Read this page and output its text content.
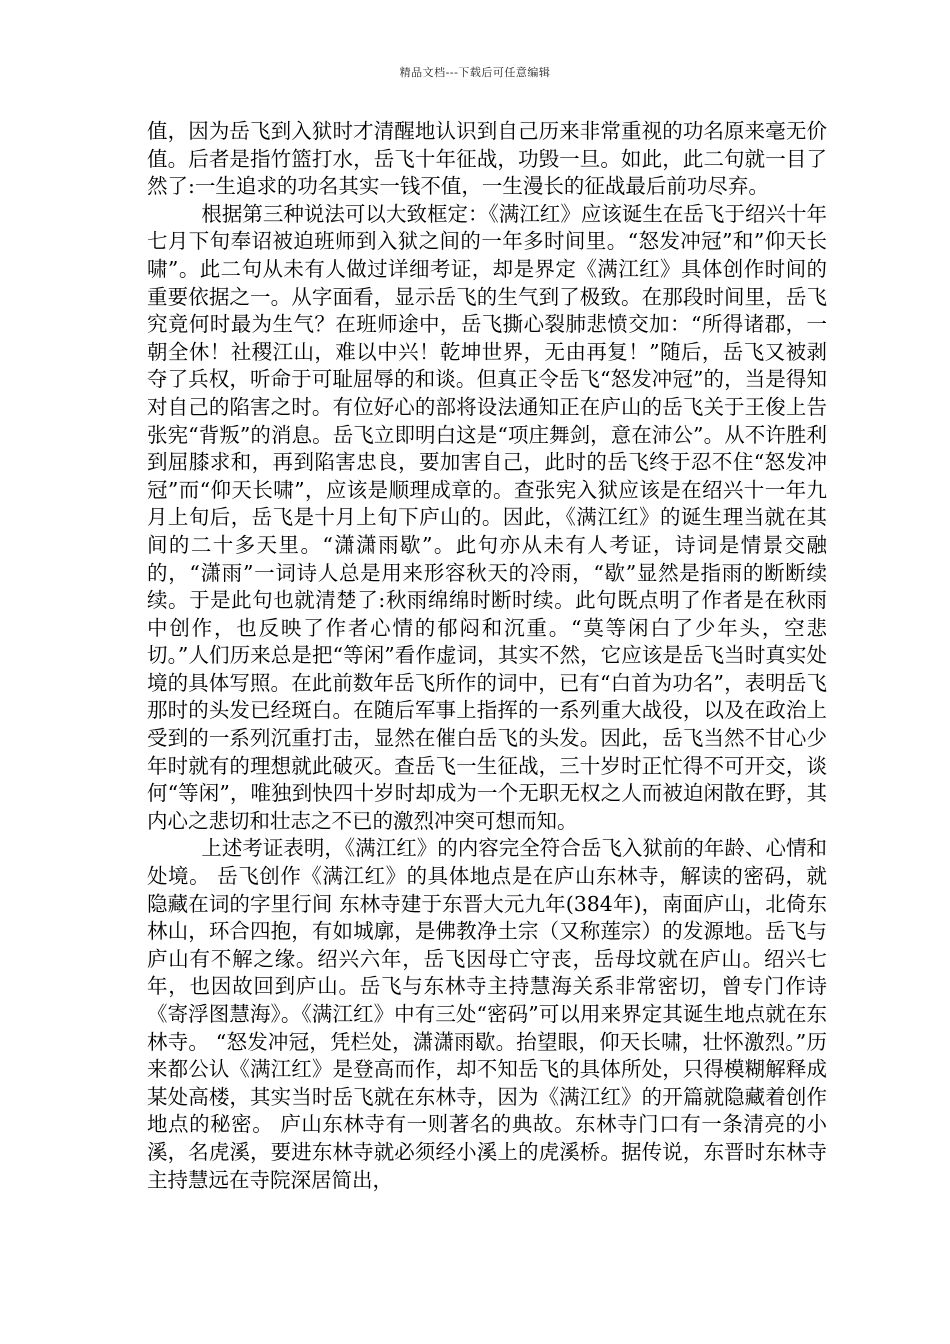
精品文档---下载后可任意编辑

值，因为岳飞到入狱时才清醒地认识到自己历来非常重视的功名原来毫无价值。后者是指竹篮打水，岳飞十年征战，功毁一旦。如此，此二句就一目了然了:一生追求的功名其实一钱不值，一生漫长的征战最后前功尽弃。

根据第三种说法可以大致框定：《满江红》应该诞生在岳飞于绍兴十年七月下旬奉诏被迫班师到入狱之间的一年多时间里。“怒发冲冠”和”仰天长啸”。此二句从未有人做过详细考证，却是界定《满江红》具体创作时间的重要依据之一。从字面看，显示岳飞的生气到了极致。在那段时间里，岳飞究竟何时最为生气？在班师途中，岳飞撕心裂肺悲愤交加：“所得诸郡，一朝全休！社稷江山，难以中兴！乾坤世界，无由再复！”随后，岳飞又被剥夺了兵权，听命于可耻屈辱的和谈。但真正令岳飞“怒发冲冠”的，当是得知对自己的陷害之时。有位好心的部将设法通知正在庐山的岳飞关于王俊上告张宪“背叛”的消息。岳飞立即明白这是“项庄舞剑，意在沛公”。从不许胜利到屈膝求和，再到陷害忠良，要加害自己，此时的岳飞终于忍不住“怒发冲冠”而“仰天长啸”，应该是顺理成章的。查张宪入狱应该是在绍兴十一年九月上旬后，岳飞是十月上旬下庐山的。因此，《满江红》的诞生理当就在其间的二十多天里。“潇潇雨歇”。此句亦从未有人考证，诗词是情景交融的，“潇雨”一词诗人总是用来形容秋天的冷雨，“歇”显然是指雨的断断续续。于是此句也就清楚了:秋雨绵绵时断时续。此句既点明了作者是在秋雨中创作，也反映了作者心情的郁闷和沉重。“莫等闲白了少年头，空悲切。”人们历来总是把“等闲”看作虚词，其实不然，它应该是岳飞当时真实处境的具体写照。在此前数年岳飞所作的词中，已有“白首为功名”，表明岳飞那时的头发已经斑白。在随后军事上指挥的一系列重大战役，以及在政治上受到的一系列沉重打击，显然在催白岳飞的头发。因此，岳飞当然不甘心少年时就有的理想就此破灭。查岳飞一生征战，三十岁时正忙得不可开交，谈何“等闲”，唯独到快四十岁时却成为一个无职无权之人而被迫闲散在野，其内心之悲切和壮志之不已的激烈冲突可想而知。

上述考证表明，《满江红》的内容完全符合岳飞入狱前的年龄、心情和处境。 岳飞创作《满江红》的具体地点是在庐山东林寺，解读的密码，就隐藏在词的字里行间 东林寺建于东晋大元九年(384年)，南面庐山，北倚东林山，环合四抱，有如城廓，是佛教净土宗（又称莲宗）的发源地。岳飞与庐山有不解之缘。绍兴六年，岳飞因母亡守丧，岳母坟就在庐山。绍兴七年，也因故回到庐山。岳飞与东林寺主持慧海关系非常密切，曾专门作诗《寄浮图慧海》。《满江红》中有三处“密码”可以用来界定其诞生地点就在东林寺。 “怒发冲冠，凭栏处，潇潇雨歇。抬望眼，仰天长啸，壮怀激烈。”历来都公认《满江红》是登高而作，却不知岳飞的具体所处，只得模糊解释成某处高楼，其实当时岳飞就在东林寺，因为《满江红》的开篇就隐藏着创作地点的秘密。 庐山东林寺有一则著名的典故。东林寺门口有一条清亮的小溪，名虎溪，要进东林寺就必须经小溪上的虎溪桥。据传说，东晋时东林寺主持慧远在寺院深居简出，
